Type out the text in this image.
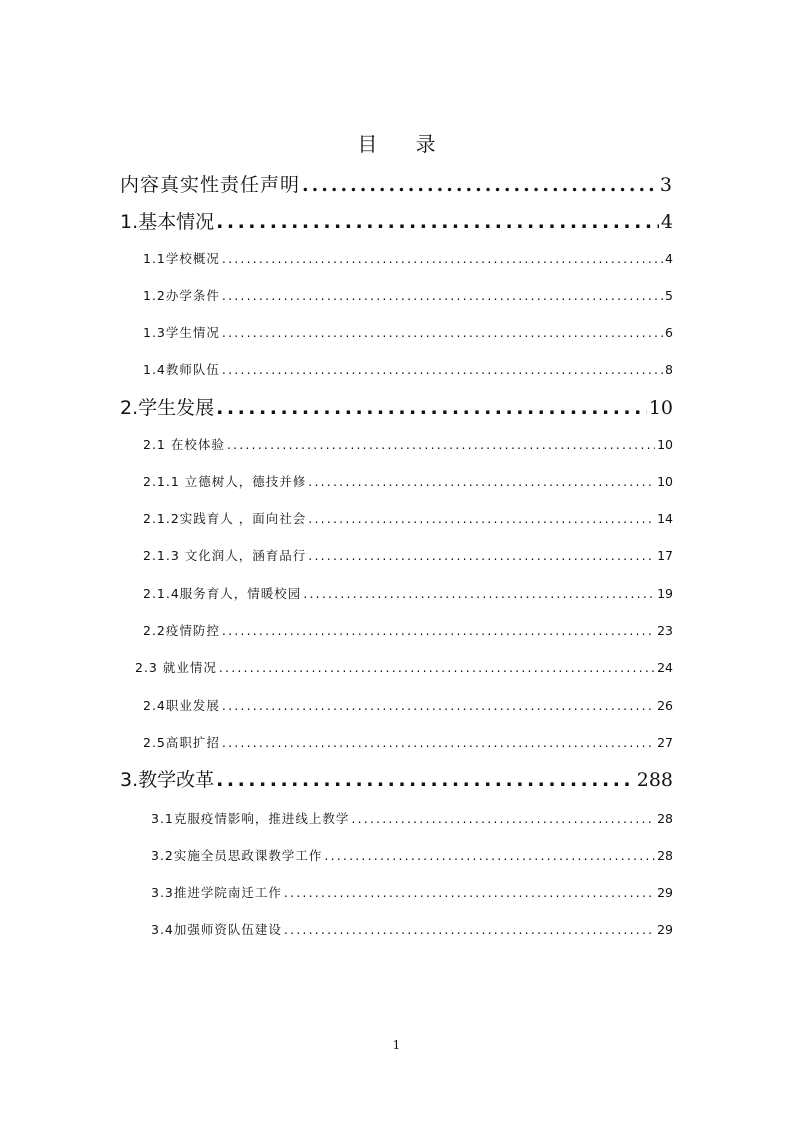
目 录
内容真实性责任声明 .....	3
1.基本情况 .....	4
1.1学校概况 .....	4
1.2办学条件 .....	5
1.3学生情况 .....	6
1.4教师队伍 .....	8
2.学生发展 .....	10
2.1 在校体验 .....	10
2.1.1 立德树人，德技并修 .....	10
2.1.2实践育人 ，面向社会 .....	14
2.1.3 文化润人，涵育品行 .....	17
2.1.4服务育人，情暖校园 .....	19
2.2疫情防控 .....	23
2.3 就业情况 .....	24
2.4职业发展 .....	26
2.5高职扩招 .....	27
3.教学改革 .....	288
3.1克服疫情影响，推进线上教学 .....	28
3.2实施全员思政课教学工作 .....	28
3.3推进学院南迁工作 .....	29
3.4加强师资队伍建设 .....	29
1
